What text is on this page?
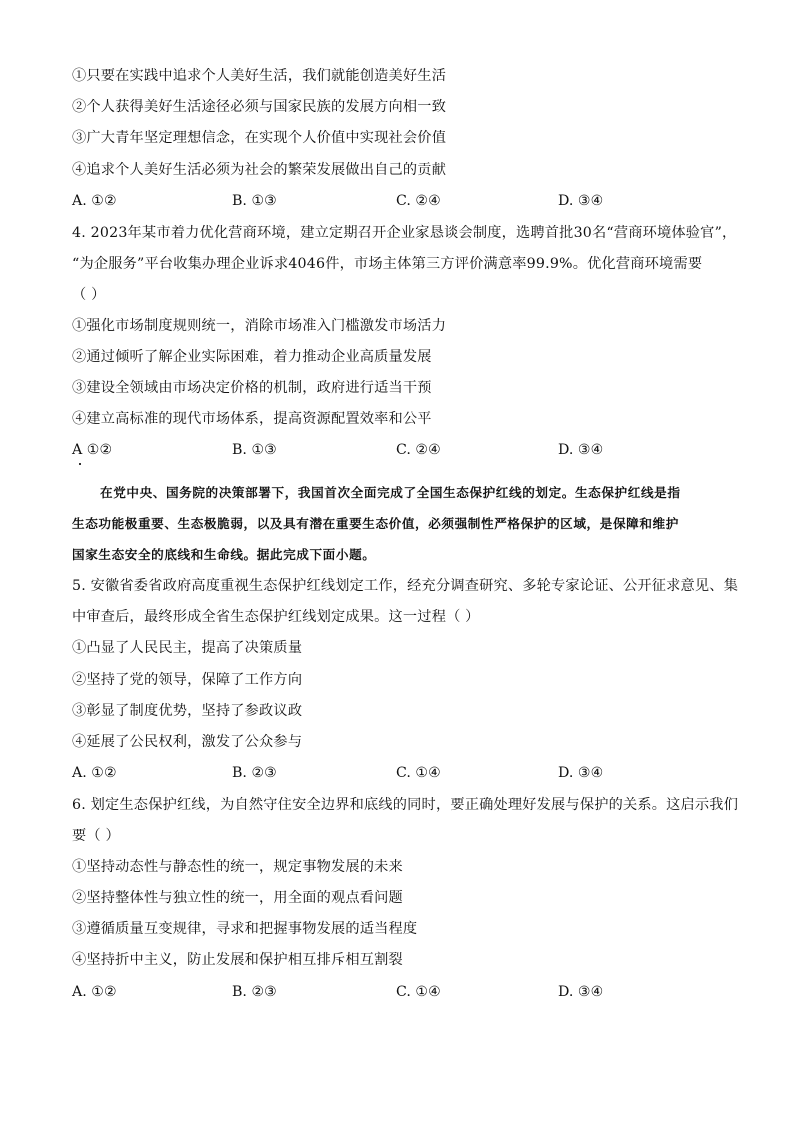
①只要在实践中追求个人美好生活，我们就能创造美好生活
②个人获得美好生活途径必须与国家民族的发展方向相一致
③广大青年坚定理想信念，在实现个人价值中实现社会价值
④追求个人美好生活必须为社会的繁荣发展做出自己的贡献
A. ①②	B. ①③	C. ②④	D. ③④
4. 2023年某市着力优化营商环境，建立定期召开企业家恳谈会制度，选聘首批30名“营商环境体验官”，
“为企服务”平台收集办理企业诉求4046件，市场主体第三方评价满意率99.9%。优化营商环境需要
（ ）
①强化市场制度规则统一，消除市场准入门槛激发市场活力
②通过倾听了解企业实际困难，着力推动企业高质量发展
③建设全领域由市场决定价格的机制，政府进行适当干预
④建立高标准的现代市场体系，提高资源配置效率和公平
A ①②	B. ①③	C. ②④	D. ③④
在党中央、国务院的决策部署下，我国首次全面完成了全国生态保护红线的划定。生态保护红线是指
生态功能极重要、生态极脆弱，以及具有潜在重要生态价值，必须强制性严格保护的区域，是保障和维护
国家生态安全的底线和生命线。据此完成下面小题。
5. 安徽省委省政府高度重视生态保护红线划定工作，经充分调查研究、多轮专家论证、公开征求意见、集
中审查后，最终形成全省生态保护红线划定成果。这一过程（ ）
①凸显了人民民主，提高了决策质量
②坚持了党的领导，保障了工作方向
③彰显了制度优势，坚持了参政议政
④延展了公民权利，激发了公众参与
A. ①②	B. ②③	C. ①④	D. ③④
6. 划定生态保护红线，为自然守住安全边界和底线的同时，要正确处理好发展与保护的关系。这启示我们
要（ ）
①坚持动态性与静态性的统一，规定事物发展的未来
②坚持整体性与独立性的统一，用全面的观点看问题
③遵循质量互变规律，寻求和把握事物发展的适当程度
④坚持折中主义，防止发展和保护相互排斥相互割裂
A. ①②	B. ②③	C. ①④	D. ③④
